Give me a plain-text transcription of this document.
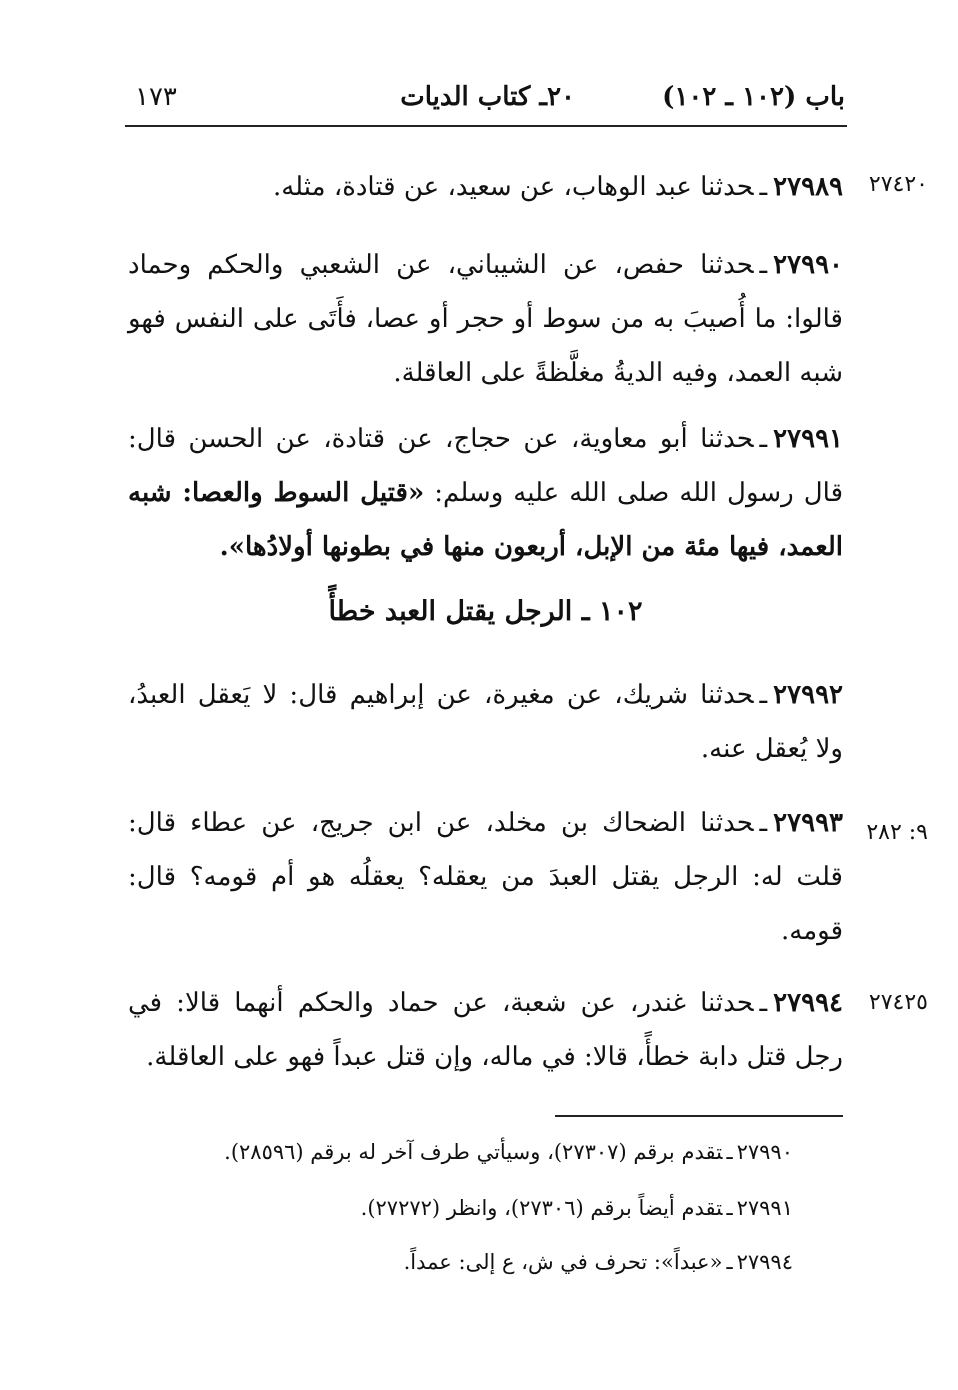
باب (١٠٢ ـ ١٠٢)
٢٠ـ كتاب الديات
١٧٣
٢٧٤٢٠
٢٧٩٨٩ـحدثنا عبد الوهاب، عن سعيد، عن قتادة، مثله.
٢٧٩٩٠ـحدثنا حفص، عن الشيباني، عن الشعبي والحكم وحماد قالوا: ما أُصيبَ به من سوط أو حجر أو عصا، فأَتَى على النفس فهو شبه العمد، وفيه الديةُ مغلَّظةً على العاقلة.
٢٧٩٩١ـحدثنا أبو معاوية، عن حجاج، عن قتادة، عن الحسن قال: قال رسول الله صلى الله عليه وسلم: «قتيل السوط والعصا: شبه العمد، فيها مئة من الإبل، أربعون منها في بطونها أولادُها».
١٠٢ ـ الرجل يقتل العبد خطأً
٢٧٩٩٢ـحدثنا شريك، عن مغيرة، عن إبراهيم قال: لا يَعقل العبدُ، ولا يُعقل عنه.
٩: ٢٨٢
٢٧٩٩٣ـحدثنا الضحاك بن مخلد، عن ابن جريج، عن عطاء قال: قلت له: الرجل يقتل العبدَ من يعقله؟ يعقلُه هو أم قومه؟ قال: قومه.
٢٧٤٢٥
٢٧٩٩٤ـحدثنا غندر، عن شعبة، عن حماد والحكم أنهما قالا: في رجل قتل دابة خطأً، قالا: في ماله، وإن قتل عبداً فهو على العاقلة.
٢٧٩٩٠ـتقدم برقم (٢٧٣٠٧)، وسيأتي طرف آخر له برقم (٢٨٥٩٦).
٢٧٩٩١ـتقدم أيضاً برقم (٢٧٣٠٦)، وانظر (٢٧٢٧٢).
٢٧٩٩٤ـ«عبداً»: تحرف في ش، ع إلى: عمداً.
